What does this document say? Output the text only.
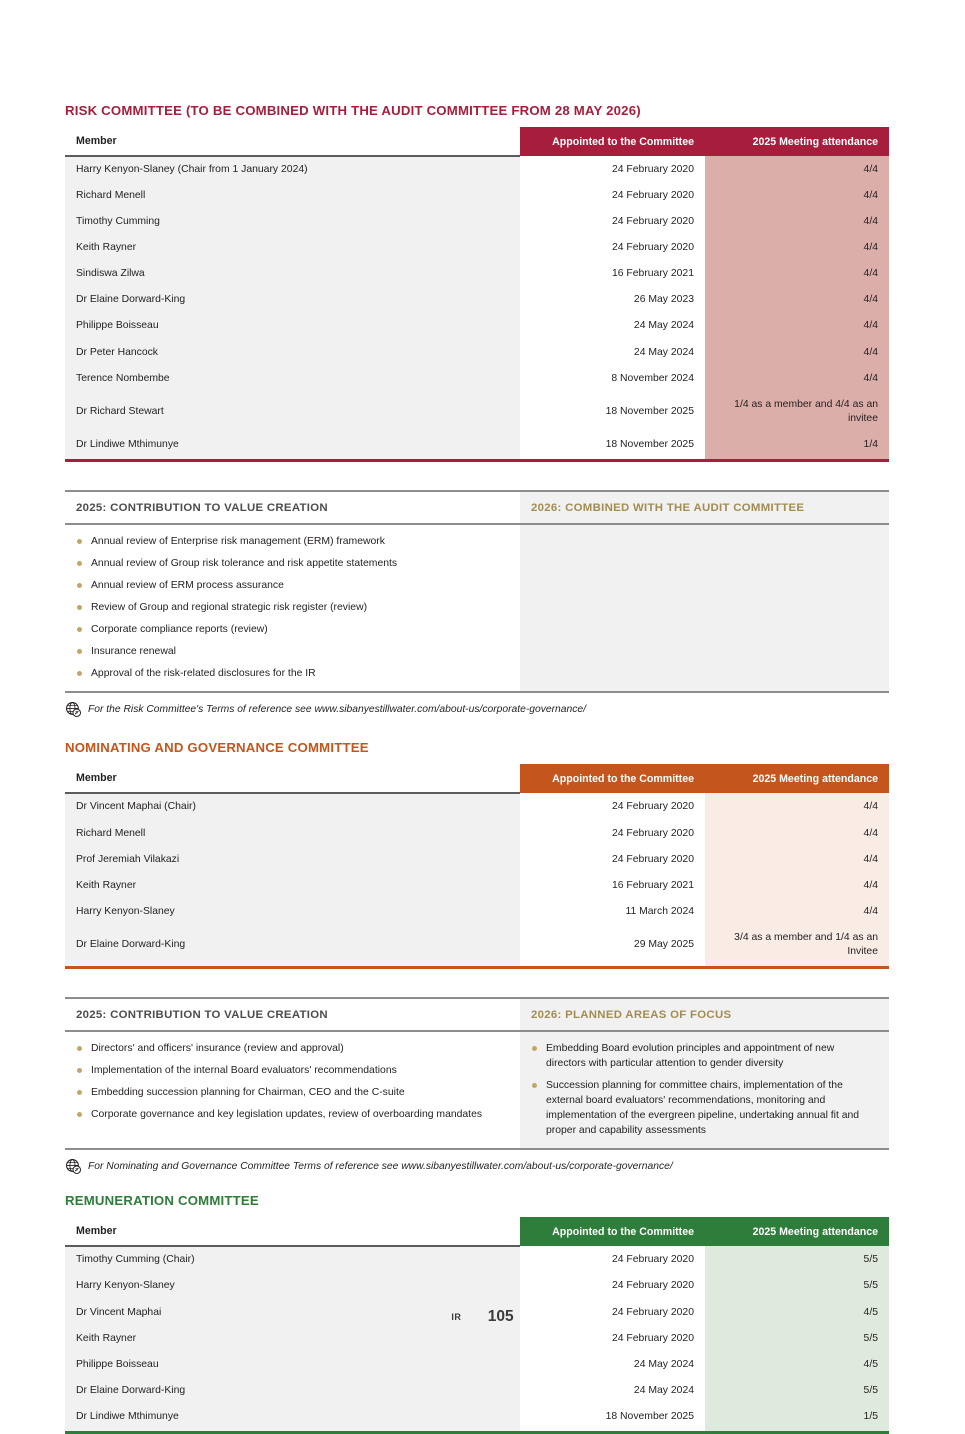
RISK COMMITTEE (TO BE COMBINED WITH THE AUDIT COMMITTEE FROM 28 MAY 2026)
Member	Appointed to the Committee	2025 Meeting attendance
Harry Kenyon-Slaney (Chair from 1 January 2024)	24 February 2020	4/4
Richard Menell	24 February 2020	4/4
Timothy Cumming	24 February 2020	4/4
Keith Rayner	24 February 2020	4/4
Sindiswa Zilwa	16 February 2021	4/4
Dr Elaine Dorward-King	26 May 2023	4/4
Philippe Boisseau	24 May 2024	4/4
Dr Peter Hancock	24 May 2024	4/4
Terence Nombembe	8 November 2024	4/4
Dr Richard Stewart	18 November 2025	1/4 as a member and 4/4 as an invitee
Dr Lindiwe Mthimunye	18 November 2025	1/4
2025: CONTRIBUTION TO VALUE CREATION	2026: COMBINED WITH THE AUDIT COMMITTEE
Annual review of Enterprise risk management (ERM) framework
Annual review of Group risk tolerance and risk appetite statements
Annual review of ERM process assurance
Review of Group and regional strategic risk register (review)
Corporate compliance reports (review)
Insurance renewal
Approval of the risk-related disclosures for the IR
For the Risk Committee's Terms of reference see www.sibanyestillwater.com/about-us/corporate-governance/
NOMINATING AND GOVERNANCE COMMITTEE
Member	Appointed to the Committee	2025 Meeting attendance
Dr Vincent Maphai (Chair)	24 February 2020	4/4
Richard Menell	24 February 2020	4/4
Prof Jeremiah Vilakazi	24 February 2020	4/4
Keith Rayner	16 February 2021	4/4
Harry Kenyon-Slaney	11 March 2024	4/4
Dr Elaine Dorward-King	29 May 2025	3/4 as a member and 1/4 as an Invitee
2025: CONTRIBUTION TO VALUE CREATION	2026: PLANNED AREAS OF FOCUS
Directors' and officers' insurance (review and approval)
Implementation of the internal Board evaluators' recommendations
Embedding succession planning for Chairman, CEO and the C-suite
Corporate governance and key legislation updates, review of overboarding mandates
Embedding Board evolution principles and appointment of new directors with particular attention to gender diversity
Succession planning for committee chairs, implementation of the external board evaluators' recommendations, monitoring and implementation of the evergreen pipeline, undertaking annual fit and proper and capability assessments
For Nominating and Governance Committee Terms of reference see www.sibanyestillwater.com/about-us/corporate-governance/
REMUNERATION COMMITTEE
Member	Appointed to the Committee	2025 Meeting attendance
Timothy Cumming (Chair)	24 February 2020	5/5
Harry Kenyon-Slaney	24 February 2020	5/5
Dr Vincent Maphai	24 February 2020	4/5
Keith Rayner	24 February 2020	5/5
Philippe Boisseau	24 May 2024	4/5
Dr Elaine Dorward-King	24 May 2024	5/5
Dr Lindiwe Mthimunye	18 November 2025	1/5
IR 105
